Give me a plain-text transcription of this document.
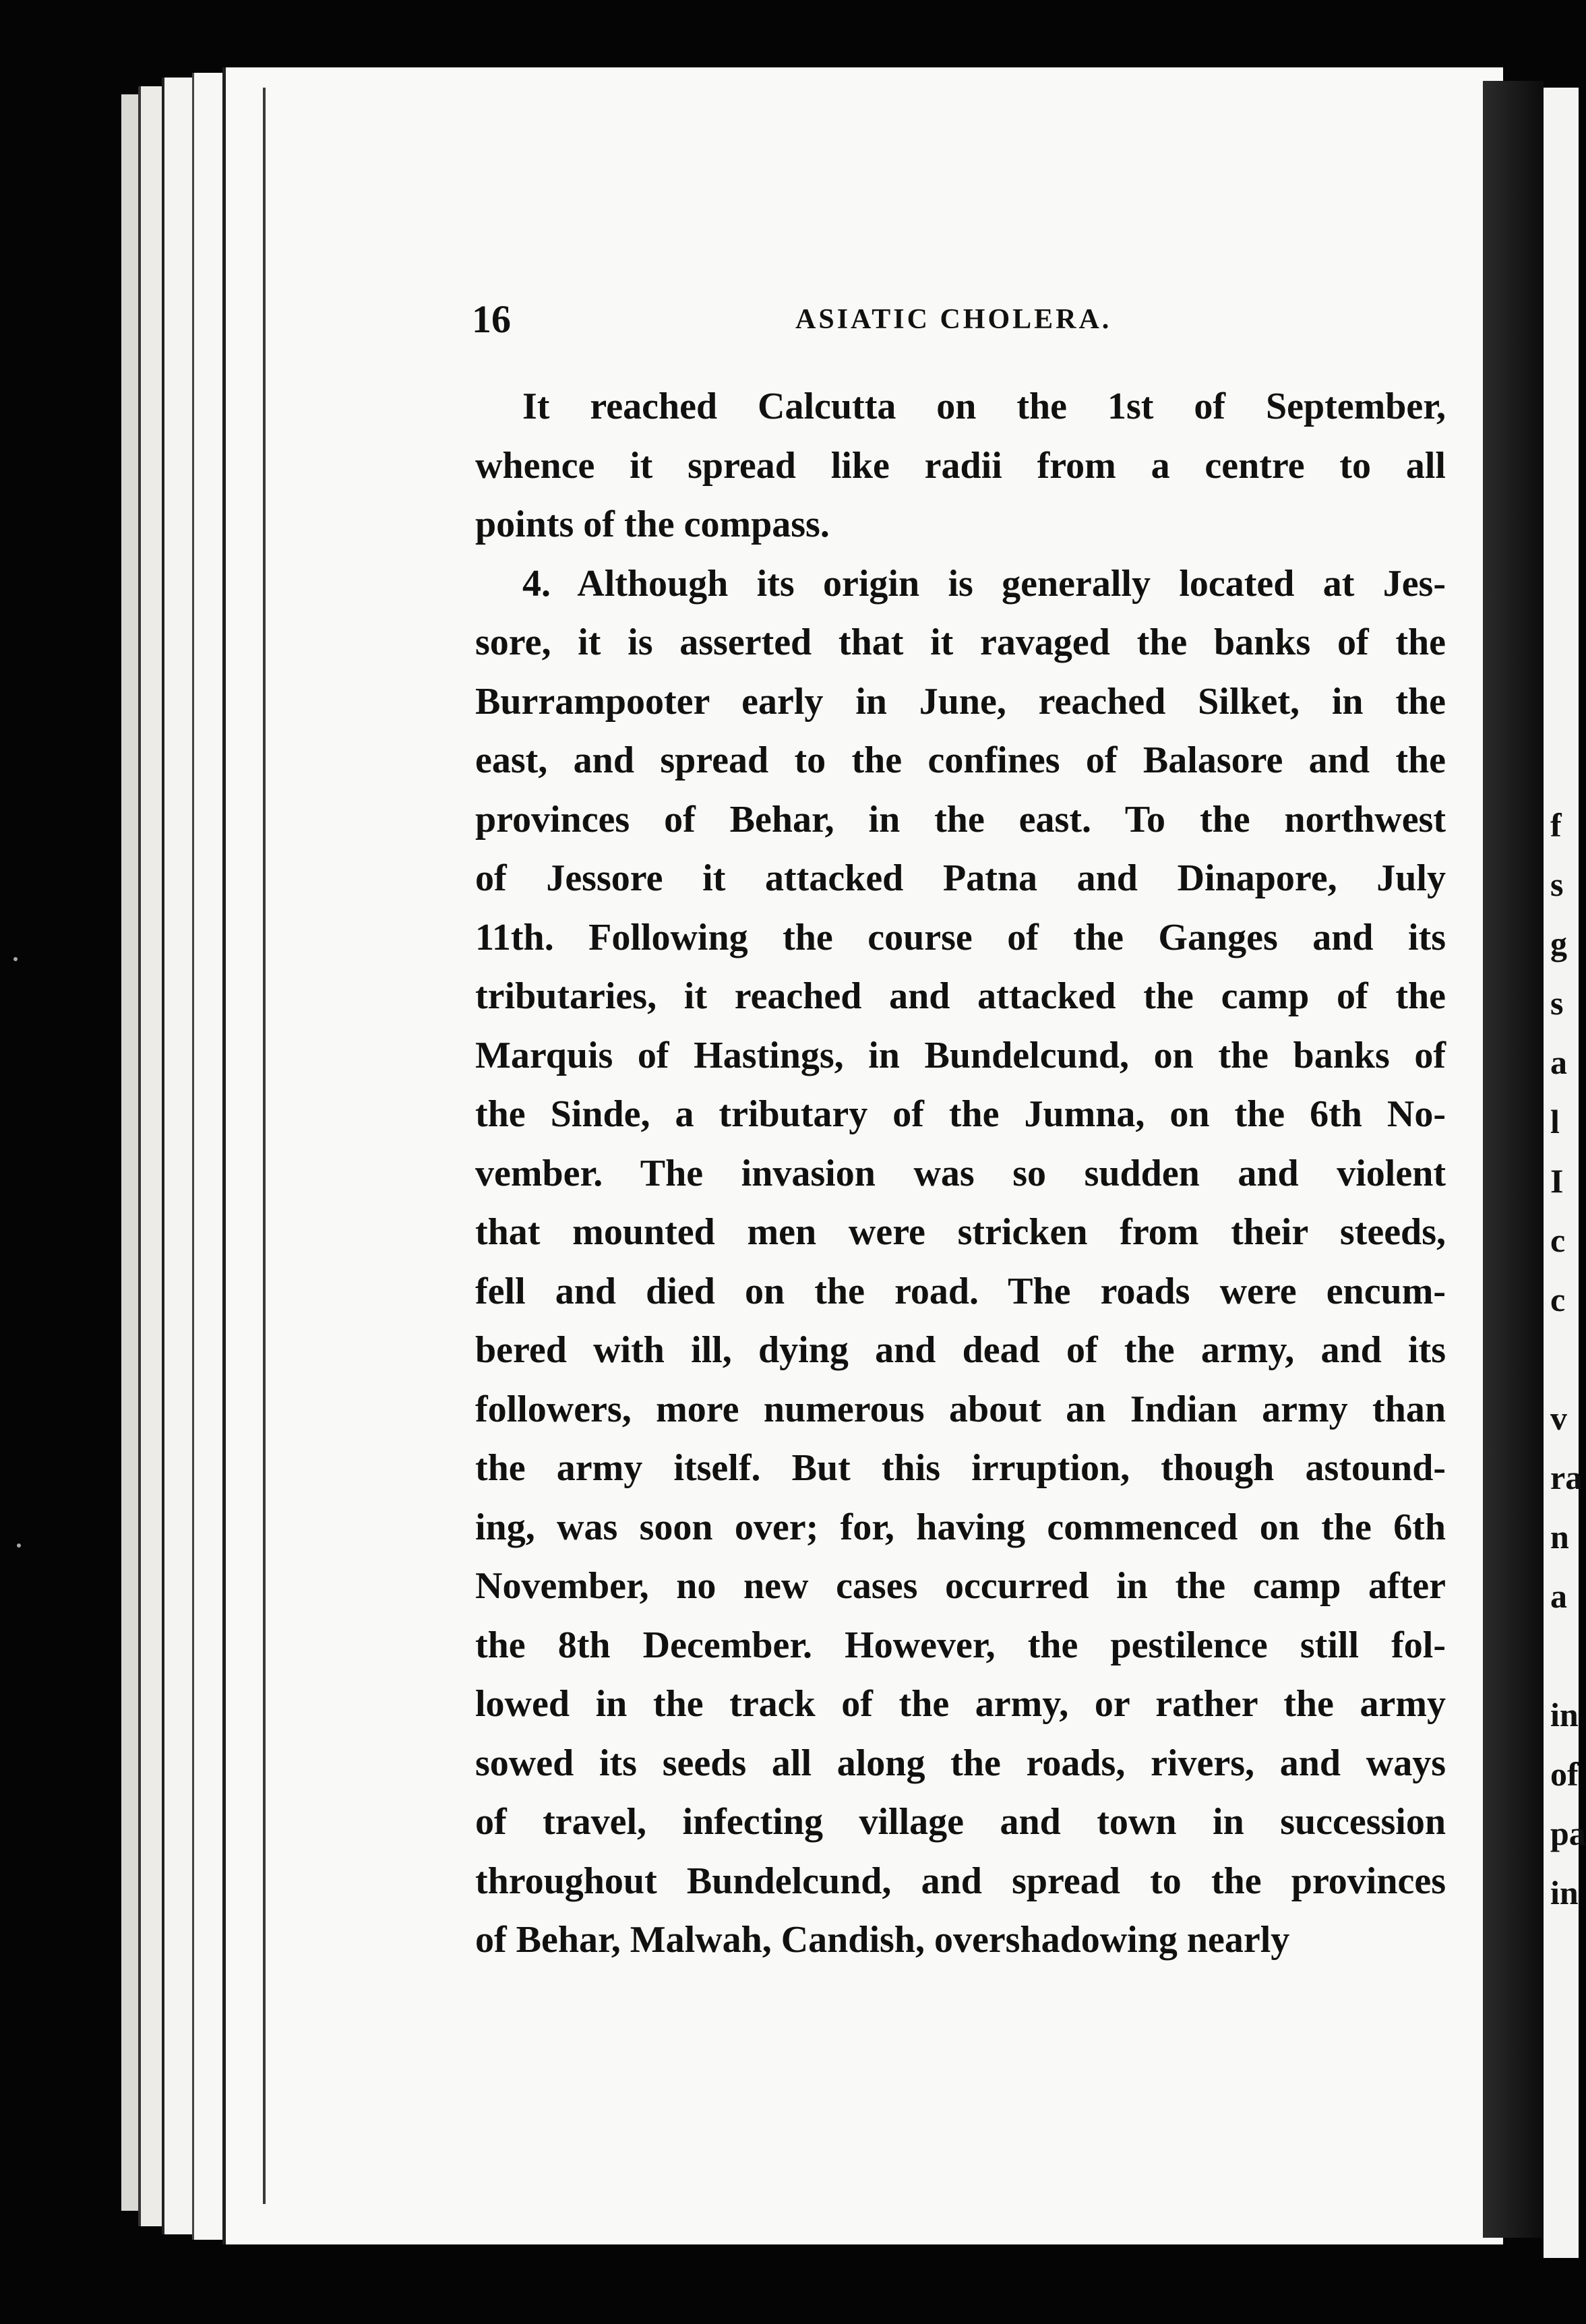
f
s
g
s
a
l
I
c
c
v
ra
n
a
in
of
pa
in
16	ASIATIC CHOLERA.
It reached Calcutta on the 1st of September,
whence it spread like radii from a centre to all
points of the compass.
4. Although its origin is generally located at Jes-
sore, it is asserted that it ravaged the banks of the
Burrampooter early in June, reached Silket, in the
east, and spread to the confines of Balasore and the
provinces of Behar, in the east. To the northwest
of Jessore it attacked Patna and Dinapore, July
11th. Following the course of the Ganges and its
tributaries, it reached and attacked the camp of the
Marquis of Hastings, in Bundelcund, on the banks of
the Sinde, a tributary of the Jumna, on the 6th No-
vember. The invasion was so sudden and violent
that mounted men were stricken from their steeds,
fell and died on the road. The roads were encum-
bered with ill, dying and dead of the army, and its
followers, more numerous about an Indian army than
the army itself. But this irruption, though astound-
ing, was soon over; for, having commenced on the 6th
November, no new cases occurred in the camp after
the 8th December. However, the pestilence still fol-
lowed in the track of the army, or rather the army
sowed its seeds all along the roads, rivers, and ways
of travel, infecting village and town in succession
throughout Bundelcund, and spread to the provinces
of Behar, Malwah, Candish, overshadowing nearly
